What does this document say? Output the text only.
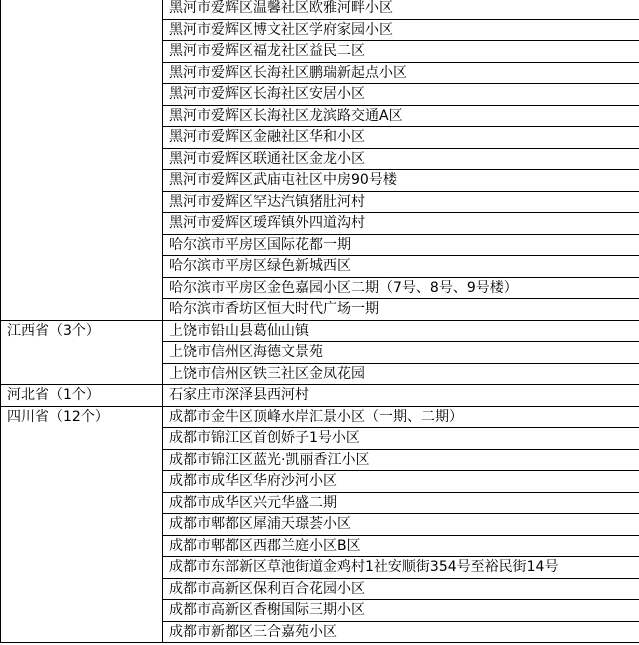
	黑河市爱辉区温馨社区欧雅河畔小区
	黑河市爱辉区博文社区学府家园小区
	黑河市爱辉区福龙社区益民二区
	黑河市爱辉区长海社区鹏瑞新起点小区
	黑河市爱辉区长海社区安居小区
	黑河市爱辉区长海社区龙滨路交通A区
	黑河市爱辉区金融社区华和小区
	黑河市爱辉区联通社区金龙小区
	黑河市爱辉区武庙屯社区中房90号楼
	黑河市爱辉区罕达汽镇猪肚河村
	黑河市爱辉区瑷珲镇外四道沟村
	哈尔滨市平房区国际花都一期
	哈尔滨市平房区绿色新城西区
	哈尔滨市平房区金色嘉园小区二期（7号、8号、9号楼）
	哈尔滨市香坊区恒大时代广场一期
江西省（3个）	上饶市铅山县葛仙山镇
	上饶市信州区海德文景苑
	上饶市信州区铁三社区金凤花园
河北省（1个）	石家庄市深泽县西河村
四川省（12个）	成都市金牛区顶峰水岸汇景小区（一期、二期）
	成都市锦江区首创娇子1号小区
	成都市锦江区蓝光·凯丽香江小区
	成都市成华区华府沙河小区
	成都市成华区兴元华盛二期
	成都市郫都区犀浦天璟荟小区
	成都市郫都区西郡兰庭小区B区
	成都市东部新区草池街道金鸡村1社安顺街354号至裕民街14号
	成都市高新区保利百合花园小区
	成都市高新区香榭国际三期小区
	成都市新都区三合嘉苑小区
